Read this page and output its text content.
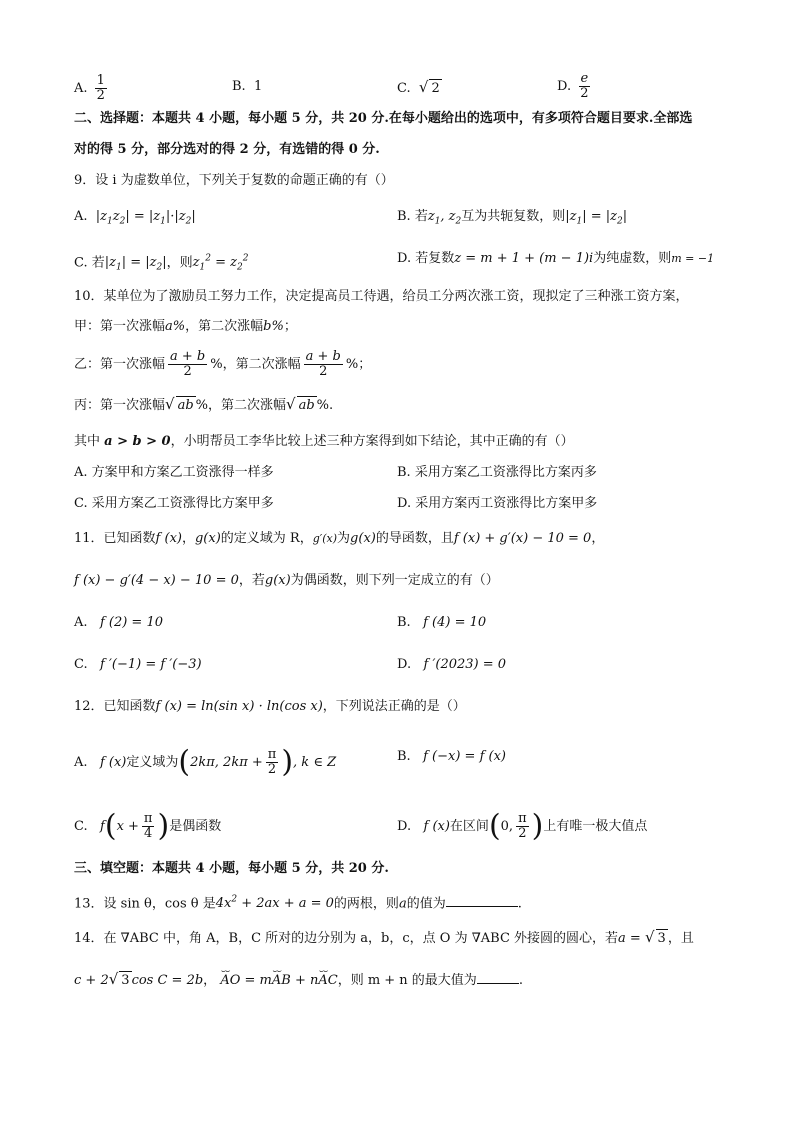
A. $\frac{1}{2}$	B. 1	C. √ 2	D. $\frac{e}{2}$
二、选择题：本题共 4 小题，每小题 5 分，共 20 分.在每小题给出的选项中，有多项符合题目要求.全部选
对的得 5 分，部分选对的得 2 分，有选错的得 0 分.
9．设 i 为虚数单位，下列关于复数的命题正确的有（）
A. $|z_1z_2| = |z_1|\cdot|z_2|$	B. 若$z_1$, $z_2$互为共轭复数，则$|z_1| = |z_2|$
C. 若$|z_1| = |z_2|$，则$z_1^2 = z_2^2$	D. 若复数z = m + 1 + (m − 1)i为纯虚数，则m = −1
10．某单位为了激励员工努力工作，决定提高员工待遇，给员工分两次涨工资，现拟定了三种涨工资方案，
甲：第一次涨幅a%，第二次涨幅b%；
乙：第一次涨幅 $\frac{a + b}{2}$ %，第二次涨幅 $\frac{a + b}{2}$ %；
丙：第一次涨幅√ ab %，第二次涨幅√ ab %.
其中 a > b > 0，小明帮员工李华比较上述三种方案得到如下结论，其中正确的有（）
A. 方案甲和方案乙工资涨得一样多	B. 采用方案乙工资涨得比方案丙多
C. 采用方案乙工资涨得比方案甲多	D. 采用方案丙工资涨得比方案甲多
11．已知函数f (x)，g(x)的定义域为 R，g′(x)为g(x)的导函数，且f (x) + g′(x) − 10 = 0，
f (x) − g′(4 − x) − 10 = 0，若g(x)为偶函数，则下列一定成立的有（）
A. f (2) = 10	B. f (4) = 10
C. f ′(−1) = f ′(−3)	D. f ′(2023) = 0
12．已知函数f (x) = ln(sin x) · ln(cos x)，下列说法正确的是（）
A. f (x)定义域为(2kπ, $2k\pi + \frac{\pi}{2}$ ), k ∈ Z	B. f (−x) = f (x)
C. $f(x + \frac{\pi}{4}$ )是偶函数	D. f (x)在区间(0, $\frac{\pi}{2}$ )上有唯一极大值点
三、填空题：本题共 4 小题，每小题 5 分，共 20 分.
13．设 sin θ，cos θ 是$4x^2 + 2ax + a = 0$的两根，则a的值为	.
14．在 ∇ABC 中，角 A，B，C 所对的边分别为 a，b，c，点 O 为 ∇ABC 外接圆的圆心，若a = √ 3 ，且
c + 2√ 3 cos C = 2b， ⌣⌣ AO = m⌣⌣ AB + n⌣⌣ AC，则 m + n 的最大值为	.
